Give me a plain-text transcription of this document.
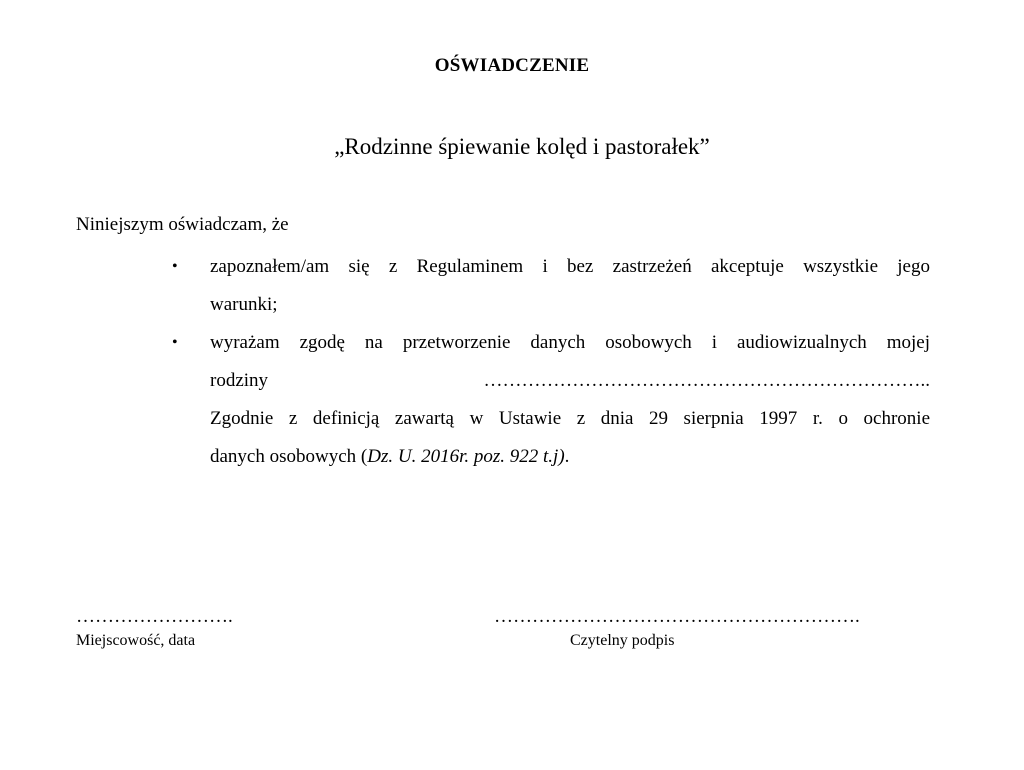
OŚWIADCZENIE
„Rodzinne śpiewanie kolęd i pastorałek”
Niniejszym oświadczam, że
• zapoznałem/am się z Regulaminem i bez zastrzeżeń akceptuje wszystkie jego
warunki;
• wyrażam zgodę na przetworzenie danych osobowych i audiowizualnych mojej
rodziny	……………………………………………………………..
Zgodnie z definicją zawartą w Ustawie z dnia 29 sierpnia 1997 r. o ochronie
danych osobowych (Dz. U. 2016r. poz. 922 t.j).
…………………….	………………………………………………….
Miejscowość, data	Czytelny podpis
